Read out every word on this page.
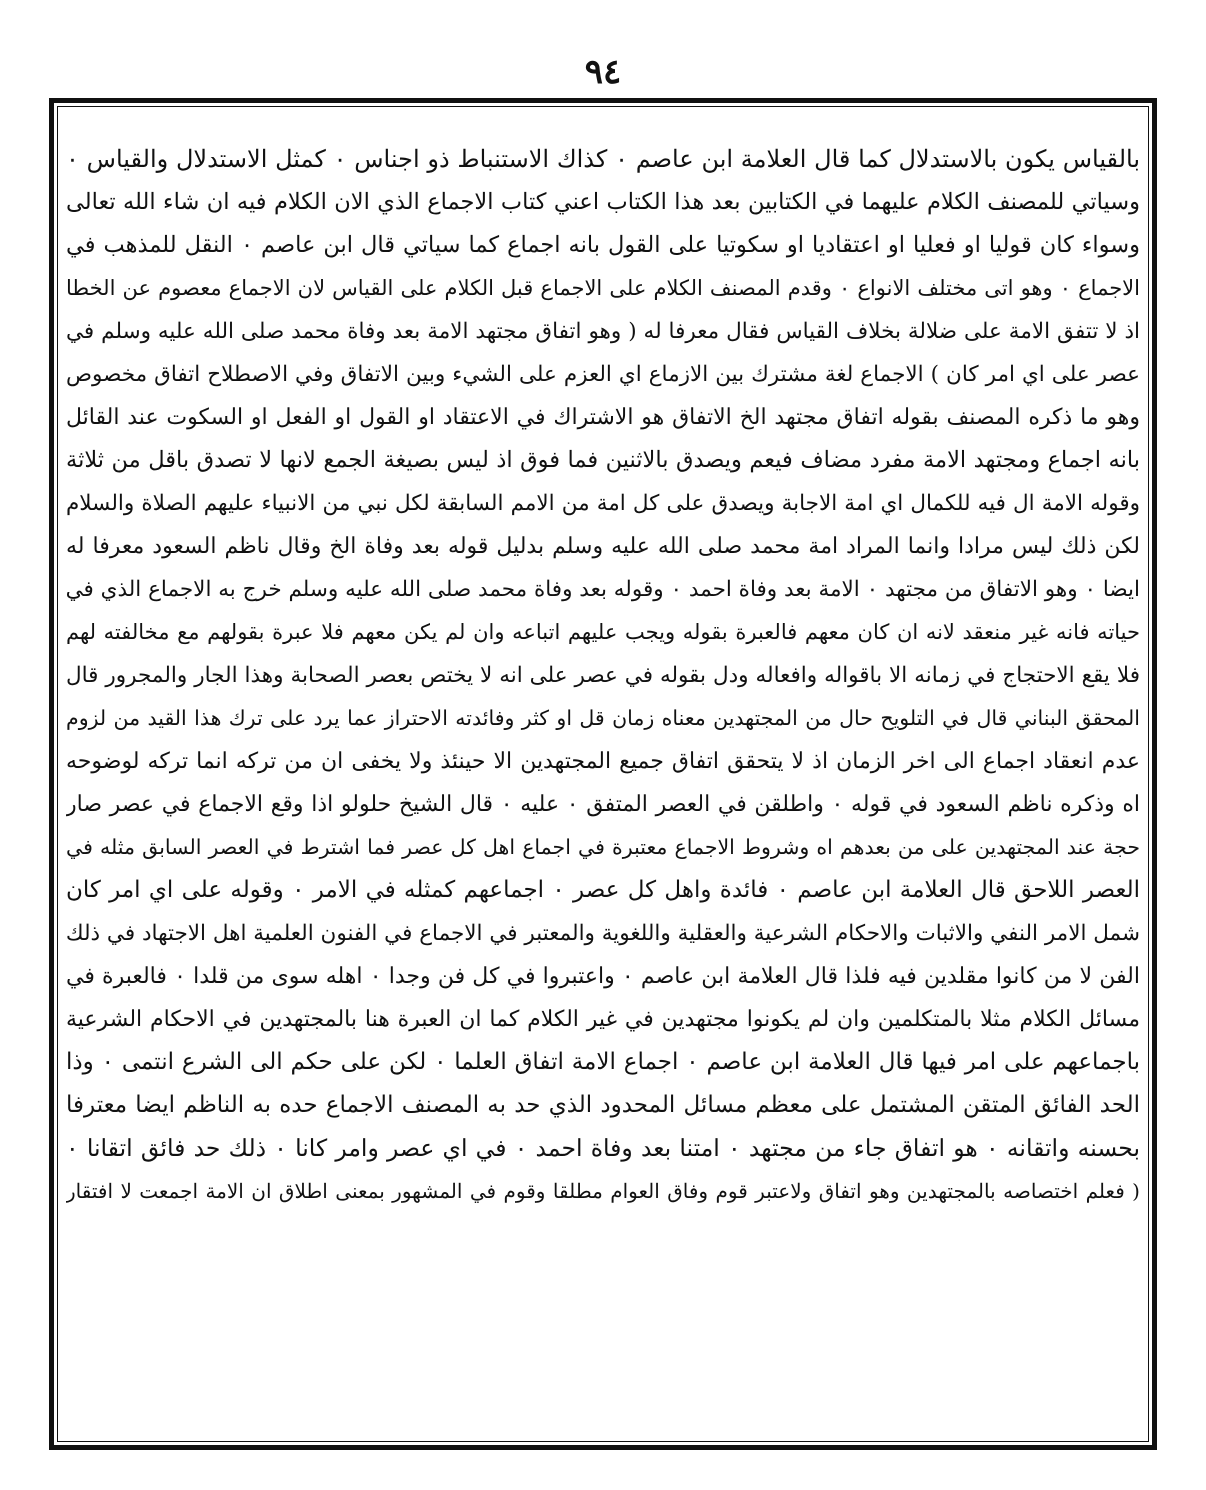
٩٤
بالقياس يكون بالاستدلال كما قال العلامة ابن عاصم ٠ كذاك الاستنباط ذو اجناس ٠ كمثل الاستدلال والقياس ٠
وسياتي للمصنف الكلام عليهما في الكتابين بعد هذا الكتاب اعني كتاب الاجماع الذي الان الكلام فيه ان شاء الله تعالى
وسواء كان قوليا او فعليا او اعتقاديا او سكوتيا على القول بانه اجماع كما سياتي قال ابن عاصم ٠ النقل للمذهب في
الاجماع ٠ وهو اتى مختلف الانواع ٠ وقدم المصنف الكلام على الاجماع قبل الكلام على القياس لان الاجماع معصوم عن الخطا
اذ لا تتفق الامة على ضلالة بخلاف القياس فقال معرفا له ( وهو اتفاق مجتهد الامة بعد وفاة محمد صلى الله عليه وسلم في
عصر على اي امر كان ) الاجماع لغة مشترك بين الازماع اي العزم على الشيء وبين الاتفاق وفي الاصطلاح اتفاق مخصوص
وهو ما ذكره المصنف بقوله اتفاق مجتهد الخ الاتفاق هو الاشتراك في الاعتقاد او القول او الفعل او السكوت عند القائل
بانه اجماع ومجتهد الامة مفرد مضاف فيعم ويصدق بالاثنين فما فوق اذ ليس بصيغة الجمع لانها لا تصدق باقل من ثلاثة
وقوله الامة ال فيه للكمال اي امة الاجابة ويصدق على كل امة من الامم السابقة لكل نبي من الانبياء عليهم الصلاة والسلام
لكن ذلك ليس مرادا وانما المراد امة محمد صلى الله عليه وسلم بدليل قوله بعد وفاة الخ وقال ناظم السعود معرفا له
ايضا ٠ وهو الاتفاق من مجتهد ٠ الامة بعد وفاة احمد ٠ وقوله بعد وفاة محمد صلى الله عليه وسلم خرج به الاجماع الذي في
حياته فانه غير منعقد لانه ان كان معهم فالعبرة بقوله ويجب عليهم اتباعه وان لم يكن معهم فلا عبرة بقولهم مع مخالفته لهم
فلا يقع الاحتجاج في زمانه الا باقواله وافعاله ودل بقوله في عصر على انه لا يختص بعصر الصحابة وهذا الجار والمجرور قال
المحقق البناني قال في التلويح حال من المجتهدين معناه زمان قل او كثر وفائدته الاحتراز عما يرد على ترك هذا القيد من لزوم
عدم انعقاد اجماع الى اخر الزمان اذ لا يتحقق اتفاق جميع المجتهدين الا حينئذ ولا يخفى ان من تركه انما تركه لوضوحه
اه وذكره ناظم السعود في قوله ٠ واطلقن في العصر المتفق ٠ عليه ٠ قال الشيخ حلولو اذا وقع الاجماع في عصر صار
حجة عند المجتهدين على من بعدهم اه وشروط الاجماع معتبرة في اجماع اهل كل عصر فما اشترط في العصر السابق مثله في
العصر اللاحق قال العلامة ابن عاصم ٠ فائدة واهل كل عصر ٠ اجماعهم كمثله في الامر ٠ وقوله على اي امر كان
شمل الامر النفي والاثبات والاحكام الشرعية والعقلية واللغوية والمعتبر في الاجماع في الفنون العلمية اهل الاجتهاد في ذلك
الفن لا من كانوا مقلدين فيه فلذا قال العلامة ابن عاصم ٠ واعتبروا في كل فن وجدا ٠ اهله سوى من قلدا ٠ فالعبرة في
مسائل الكلام مثلا بالمتكلمين وان لم يكونوا مجتهدين في غير الكلام كما ان العبرة هنا بالمجتهدين في الاحكام الشرعية
باجماعهم على امر فيها قال العلامة ابن عاصم ٠ اجماع الامة اتفاق العلما ٠ لكن على حكم الى الشرع انتمى ٠ وذا
الحد الفائق المتقن المشتمل على معظم مسائل المحدود الذي حد به المصنف الاجماع حده به الناظم ايضا معترفا
بحسنه واتقانه ٠ هو اتفاق جاء من مجتهد ٠ امتنا بعد وفاة احمد ٠ في اي عصر وامر كانا ٠ ذلك حد فائق اتقانا ٠
( فعلم اختصاصه بالمجتهدين وهو اتفاق ولاعتبر قوم وفاق العوام مطلقا وقوم في المشهور بمعنى اطلاق ان الامة اجمعت لا افتقار
